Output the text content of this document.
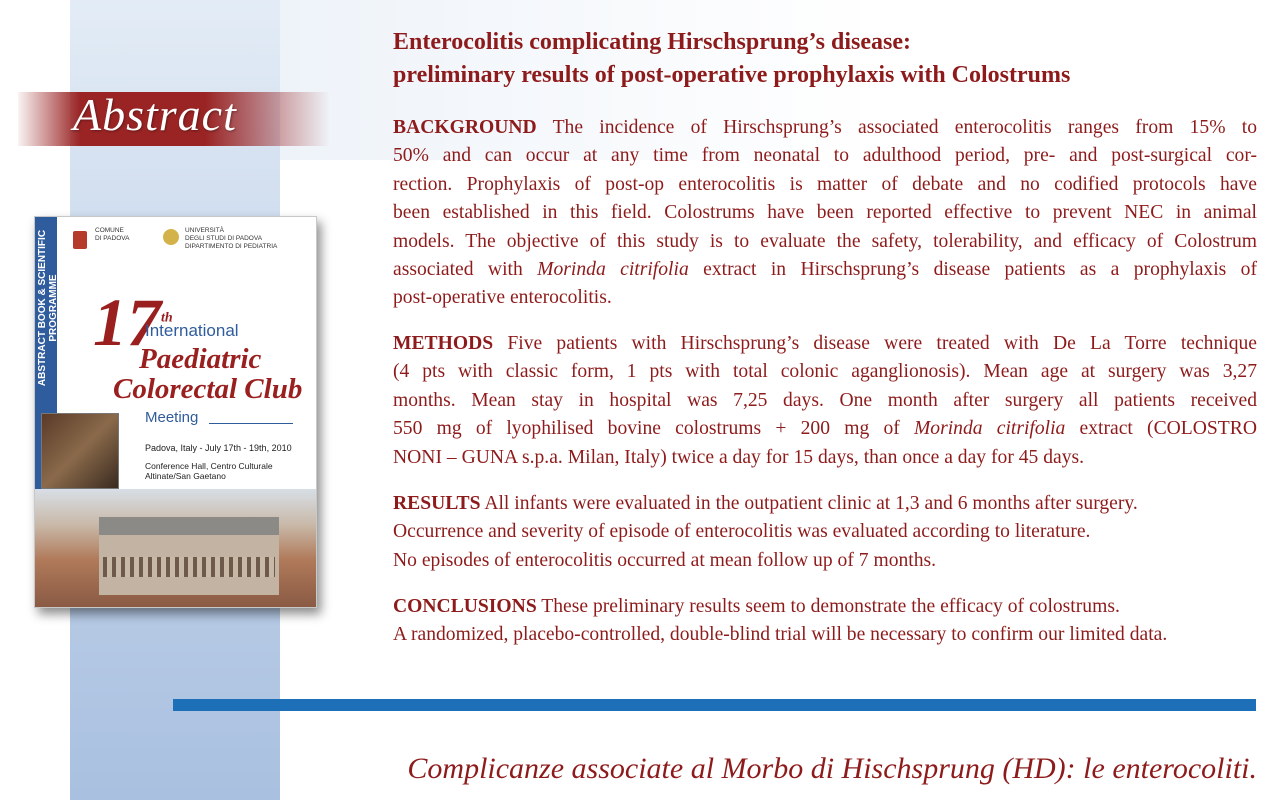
Abstract
ABSTRACT BOOK & SCIENTIFIC PROGRAMME
COMUNE
DI PADOVA
UNIVERSITÀ
DEGLI STUDI DI PADOVA
DIPARTIMENTO DI PEDIATRIA
17th
International
Paediatric
Colorectal Club
Meeting
Padova, Italy - July 17th - 19th, 2010
Conference Hall, Centro Culturale Altinate/San Gaetano
Enterocolitis complicating Hirschsprung’s disease:
preliminary results of post-operative prophylaxis with Colostrums
BACKGROUND The incidence of Hirschsprung’s associated enterocolitis ranges from 15% to
50% and can occur at any time from neonatal to adulthood period, pre- and post-surgical cor-
rection. Prophylaxis of post-op enterocolitis is matter of debate and no codified protocols have
been established in this field. Colostrums have been reported effective to prevent NEC in animal
models. The objective of this study is to evaluate the safety, tolerability, and efficacy of Colostrum
associated with Morinda citrifolia extract in Hirschsprung’s disease patients as a prophylaxis of
post-operative enterocolitis.
METHODS Five patients with Hirschsprung’s disease were treated with De La Torre technique
(4 pts with classic form, 1 pts with total colonic aganglionosis). Mean age at surgery was 3,27
months. Mean stay in hospital was 7,25 days. One month after surgery all patients received
550 mg of lyophilised bovine colostrums + 200 mg of Morinda citrifolia extract (COLOSTRO
NONI – GUNA s.p.a. Milan, Italy) twice a day for 15 days, than once a day for 45 days.
RESULTS All infants were evaluated in the outpatient clinic at 1,3 and 6 months after surgery.
Occurrence and severity of episode of enterocolitis was evaluated according to literature.
No episodes of enterocolitis occurred at mean follow up of 7 months.
CONCLUSIONS These preliminary results seem to demonstrate the efficacy of colostrums.
A randomized, placebo-controlled, double-blind trial will be necessary to confirm our limited data.
Complicanze associate al Morbo di Hischsprung (HD): le enterocoliti.
